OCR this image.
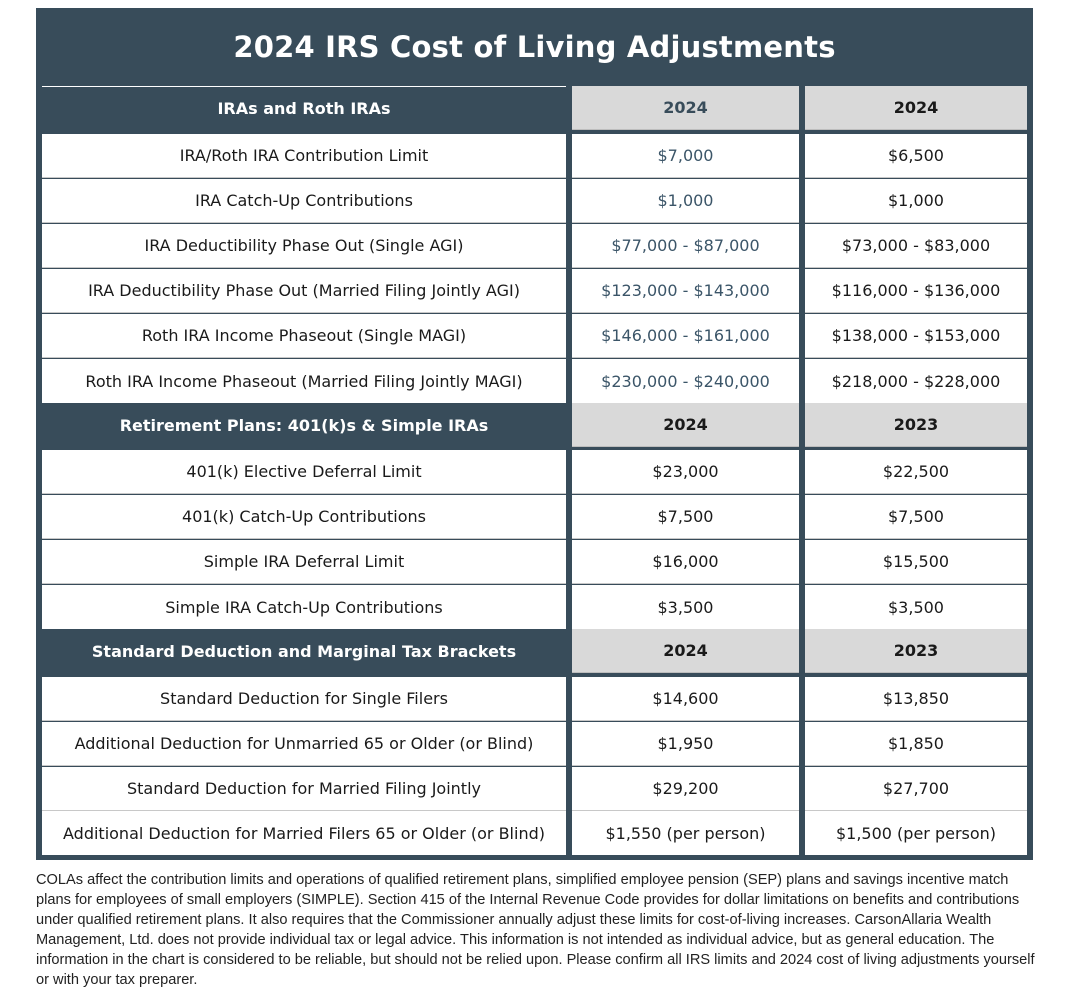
2024 IRS Cost of Living Adjustments
IRAs and Roth IRAs	2024	2024
IRA/Roth IRA Contribution Limit	$7,000	$6,500
IRA Catch-Up Contributions	$1,000	$1,000
IRA Deductibility Phase Out (Single AGI)	$77,000 - $87,000	$73,000 - $83,000
IRA Deductibility Phase Out (Married Filing Jointly AGI)	$123,000 - $143,000	$116,000 - $136,000
Roth IRA Income Phaseout (Single MAGI)	$146,000 - $161,000	$138,000 - $153,000
Roth IRA Income Phaseout (Married Filing Jointly MAGI)	$230,000 - $240,000	$218,000 - $228,000
Retirement Plans: 401(k)s & Simple IRAs	2024	2023
401(k) Elective Deferral Limit	$23,000	$22,500
401(k) Catch-Up Contributions	$7,500	$7,500
Simple IRA Deferral Limit	$16,000	$15,500
Simple IRA Catch-Up Contributions	$3,500	$3,500
Standard Deduction and Marginal Tax Brackets	2024	2023
Standard Deduction for Single Filers	$14,600	$13,850
Additional Deduction for Unmarried 65 or Older (or Blind)	$1,950	$1,850
Standard Deduction for Married Filing Jointly	$29,200	$27,700
Additional Deduction for Married Filers 65 or Older (or Blind)	$1,550 (per person)	$1,500 (per person)

COLAs affect the contribution limits and operations of qualified retirement plans, simplified employee pension (SEP) plans and savings incentive match plans for employees of small employers (SIMPLE). Section 415 of the Internal Revenue Code provides for dollar limitations on benefits and contributions under qualified retirement plans. It also requires that the Commissioner annually adjust these limits for cost-of-living increases. CarsonAllaria Wealth Management, Ltd. does not provide individual tax or legal advice. This information is not intended as individual advice, but as general education. The information in the chart is considered to be reliable, but should not be relied upon. Please confirm all IRS limits and 2024 cost of living adjustments yourself or with your tax preparer.
